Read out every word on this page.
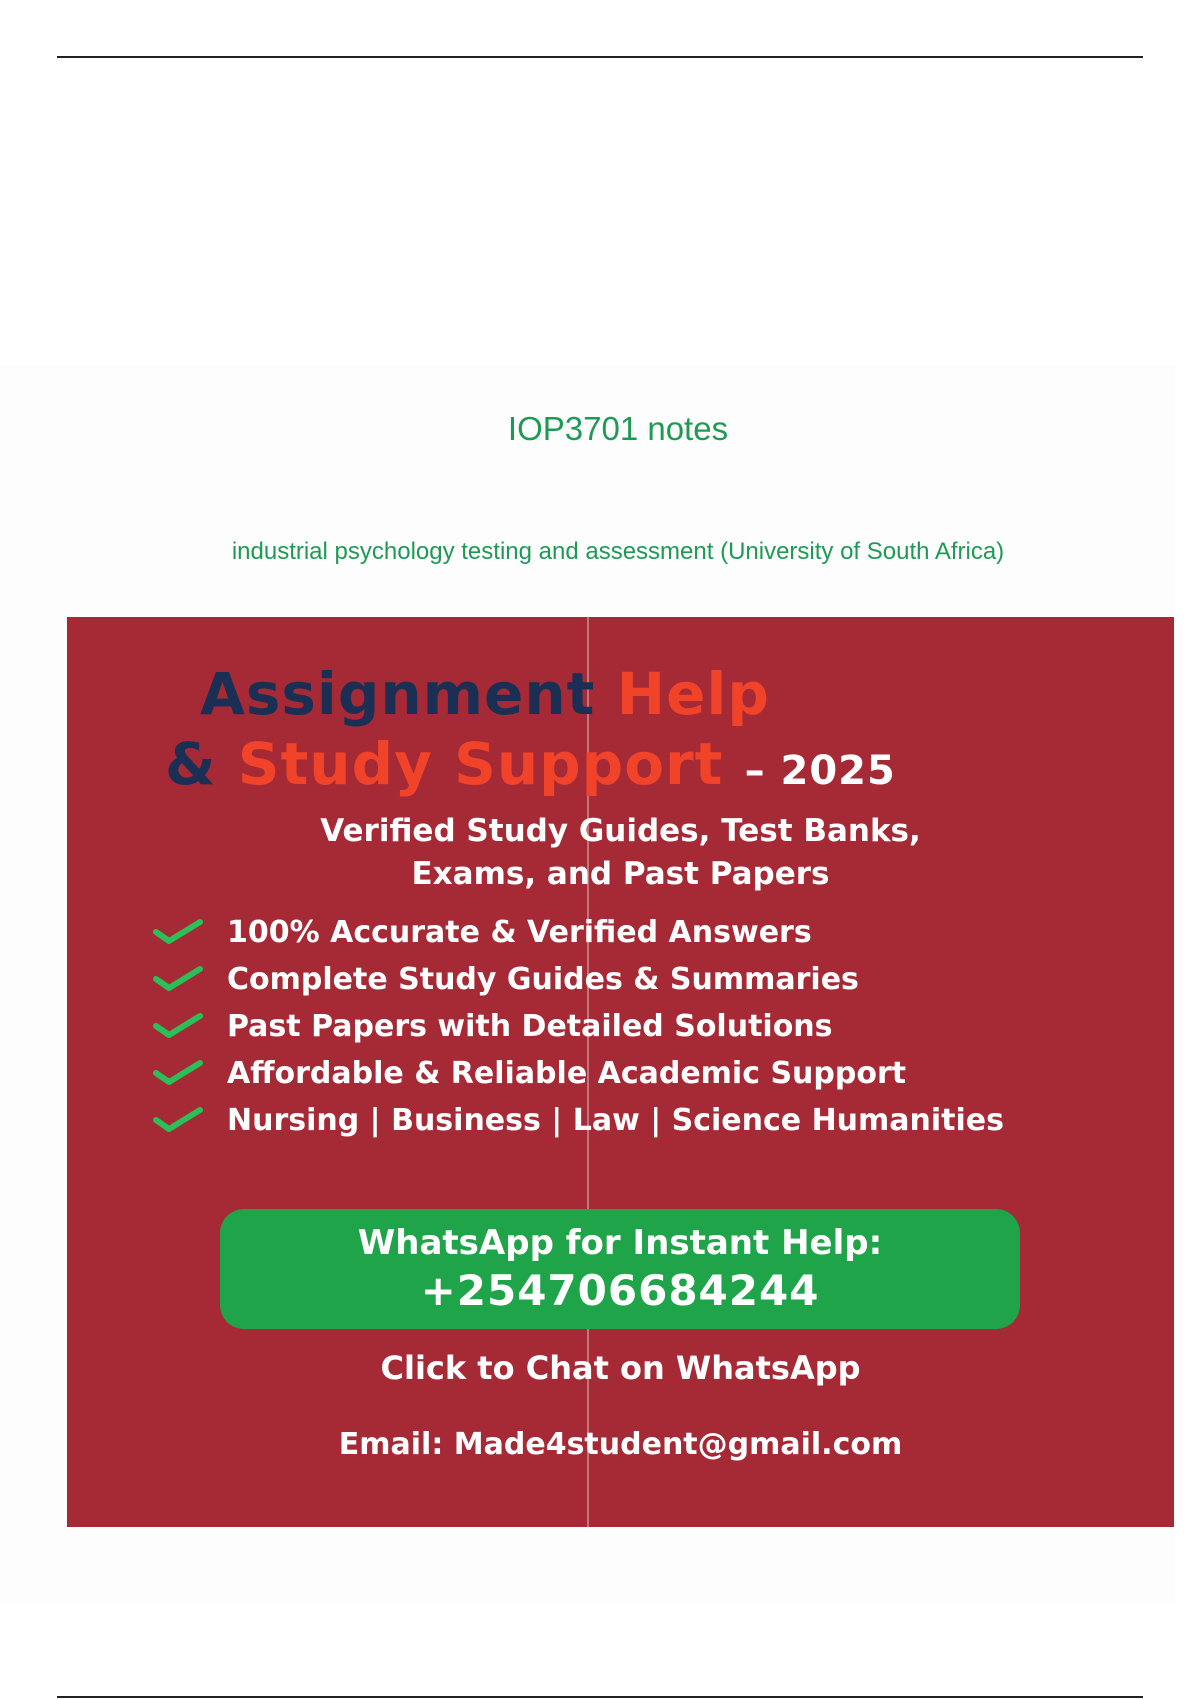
IOP3701 notes
industrial psychology testing and assessment (University of South Africa)
Assignment Help
& Study Support – 2025
Verified Study Guides, Test Banks,
Exams, and Past Papers
100% Accurate & Verified Answers
Complete Study Guides & Summaries
Past Papers with Detailed Solutions
Affordable & Reliable Academic Support
Nursing | Business | Law | Science Humanities
WhatsApp for Instant Help:
+254706684244
Click to Chat on WhatsApp
Email: Made4student@gmail.com
